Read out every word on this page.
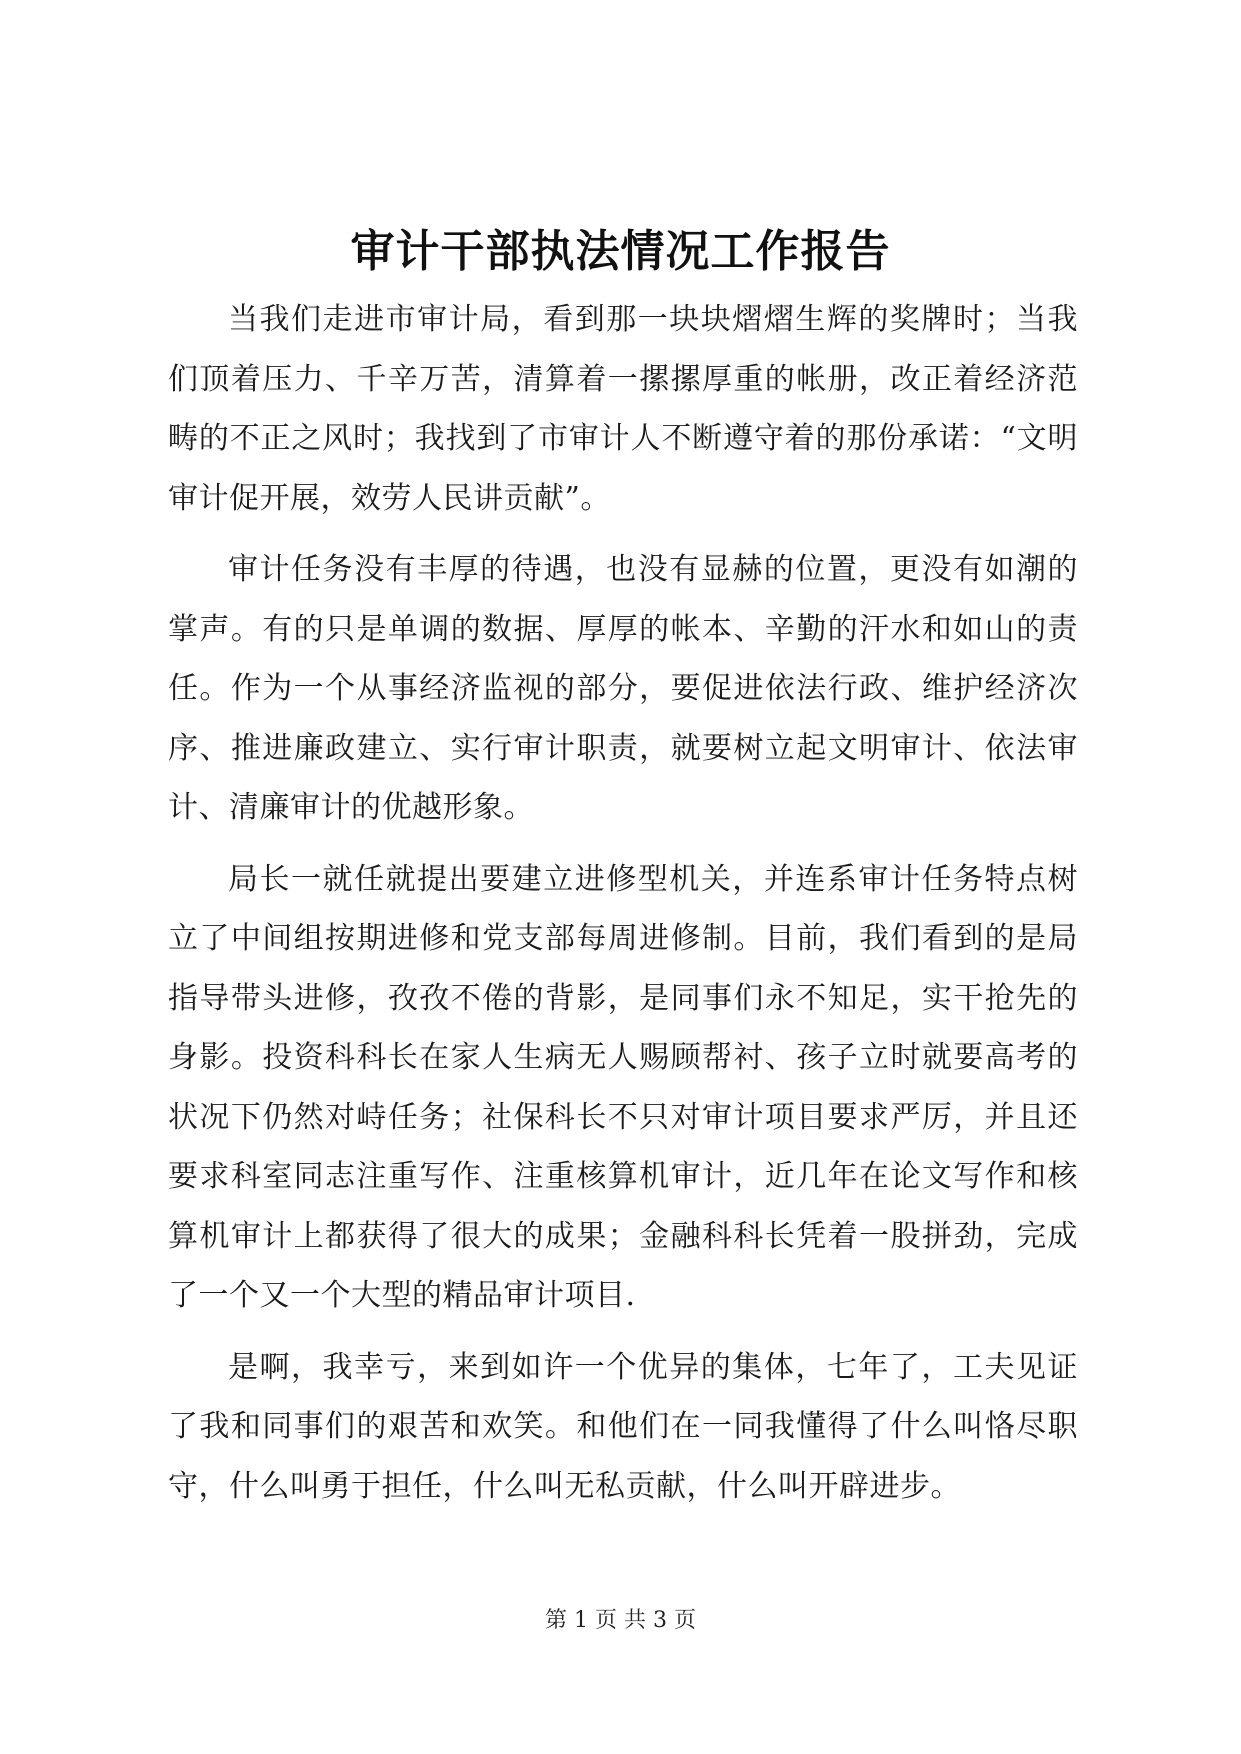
审计干部执法情况工作报告

当我们走进市审计局，看到那一块块熠熠生辉的奖牌时；当我们顶着压力、千辛万苦，清算着一摞摞厚重的帐册，改正着经济范畴的不正之风时；我找到了市审计人不断遵守着的那份承诺：“文明审计促开展，效劳人民讲贡献”。

审计任务没有丰厚的待遇，也没有显赫的位置，更没有如潮的掌声。有的只是单调的数据、厚厚的帐本、辛勤的汗水和如山的责任。作为一个从事经济监视的部分，要促进依法行政、维护经济次序、推进廉政建立、实行审计职责，就要树立起文明审计、依法审计、清廉审计的优越形象。

局长一就任就提出要建立进修型机关，并连系审计任务特点树立了中间组按期进修和党支部每周进修制。目前，我们看到的是局指导带头进修，孜孜不倦的背影，是同事们永不知足，实干抢先的身影。投资科科长在家人生病无人赐顾帮衬、孩子立时就要高考的状况下仍然对峙任务；社保科长不只对审计项目要求严厉，并且还要求科室同志注重写作、注重核算机审计，近几年在论文写作和核算机审计上都获得了很大的成果；金融科科长凭着一股拼劲，完成了一个又一个大型的精品审计项目.

是啊，我幸亏，来到如许一个优异的集体，七年了，工夫见证了我和同事们的艰苦和欢笑。和他们在一同我懂得了什么叫恪尽职守，什么叫勇于担任，什么叫无私贡献，什么叫开辟进步。

第 1 页 共 3 页
